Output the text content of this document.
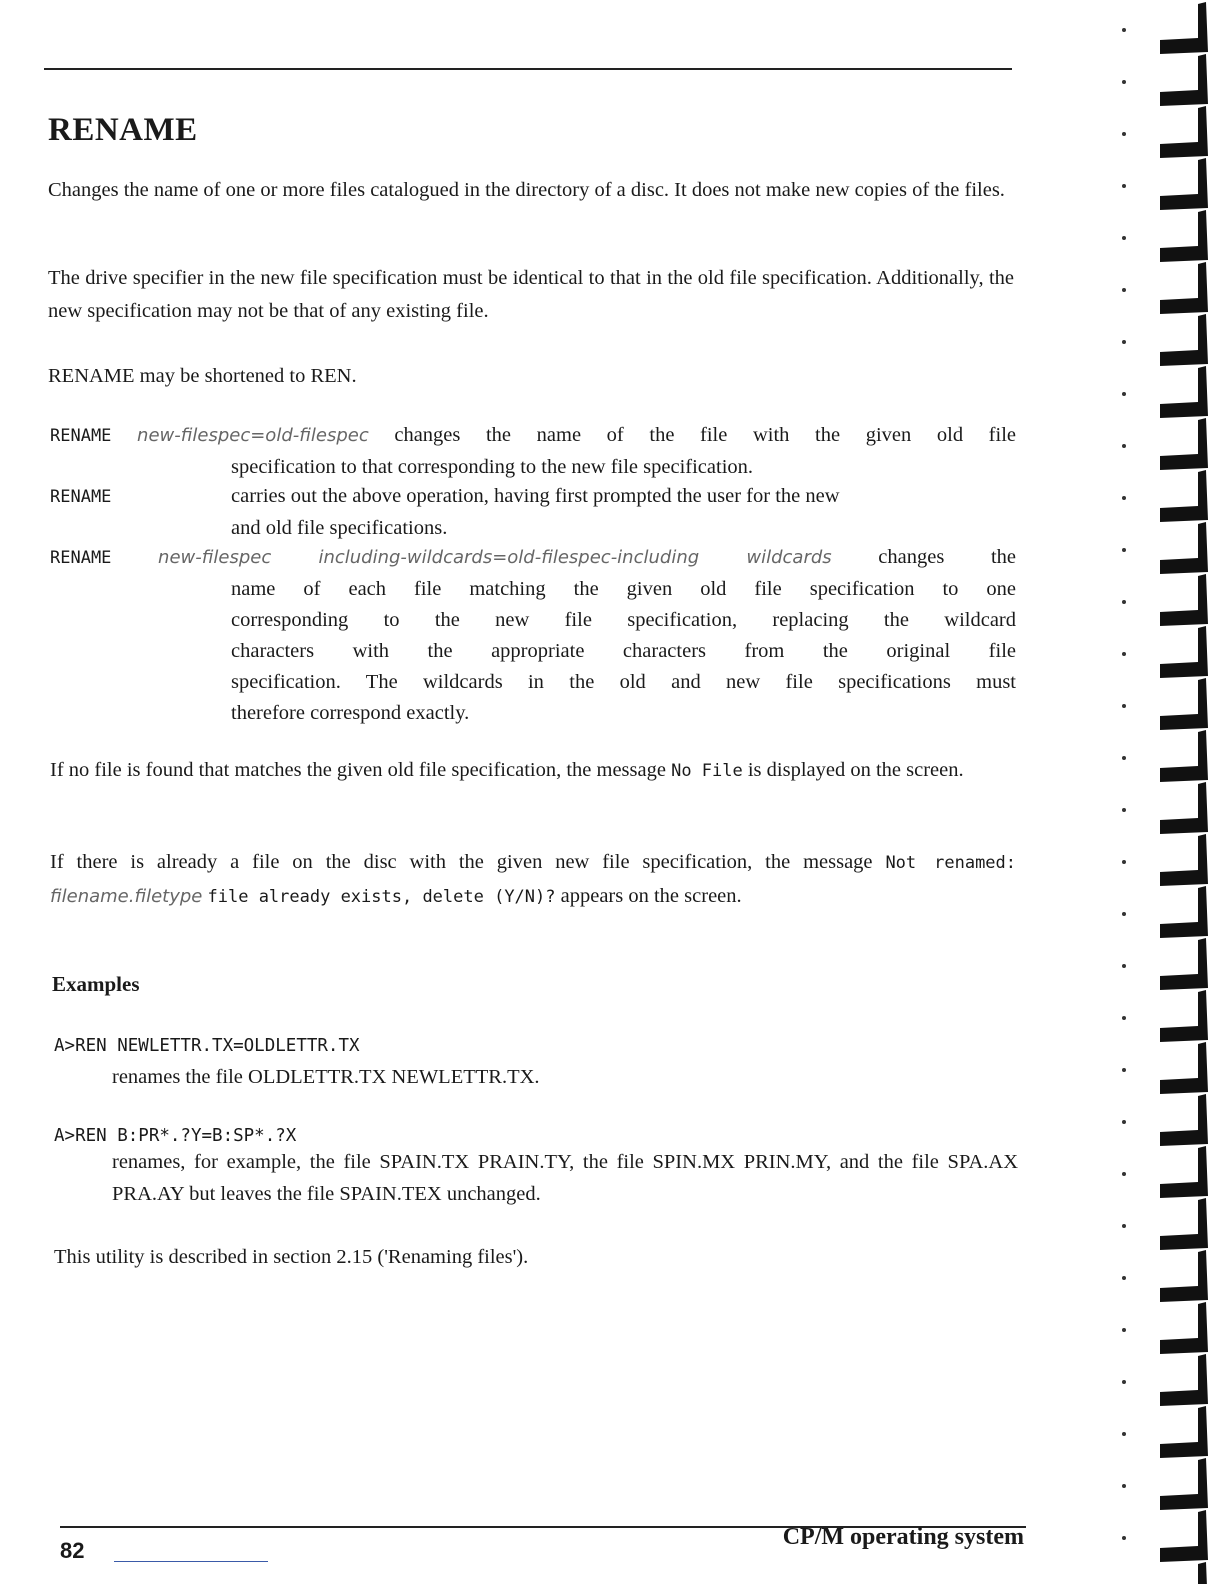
RENAME

Changes the name of one or more files catalogued in the directory of a disc. It does not make new copies of the files.

The drive specifier in the new file specification must be identical to that in the old file specification. Additionally, the new specification may not be that of any existing file.

RENAME may be shortened to REN.

RENAME new-filespec=old-filespec changes the name of the file with the given old file
specification to that corresponding to the new file specification.
RENAME	carries out the above operation, having first prompted the user for the new
and old file specifications.
RENAME	new-filespec including-wildcards=old-filespec-including wildcards changes the
name of each file matching the given old file specification to one
corresponding to the new file specification, replacing the wildcard
characters with the appropriate characters from the original file
specification. The wildcards in the old and new file specifications must
therefore correspond exactly.

If no file is found that matches the given old file specification, the message No File is displayed on the screen.

If there is already a file on the disc with the given new file specification, the message Not renamed: filename.filetype file already exists, delete (Y/N)? appears on the screen.

Examples
A>REN NEWLETTR.TX=OLDLETTR.TX

renames the file OLDLETTR.TX NEWLETTR.TX.

A>REN B:PR*.?Y=B:SP*.?X

renames, for example, the file SPAIN.TX PRAIN.TY, the file SPIN.MX PRIN.MY, and the file SPA.AX PRA.AY but leaves the file SPAIN.TEX unchanged.

This utility is described in section 2.15 ('Renaming files').

82
CP/M operating system
